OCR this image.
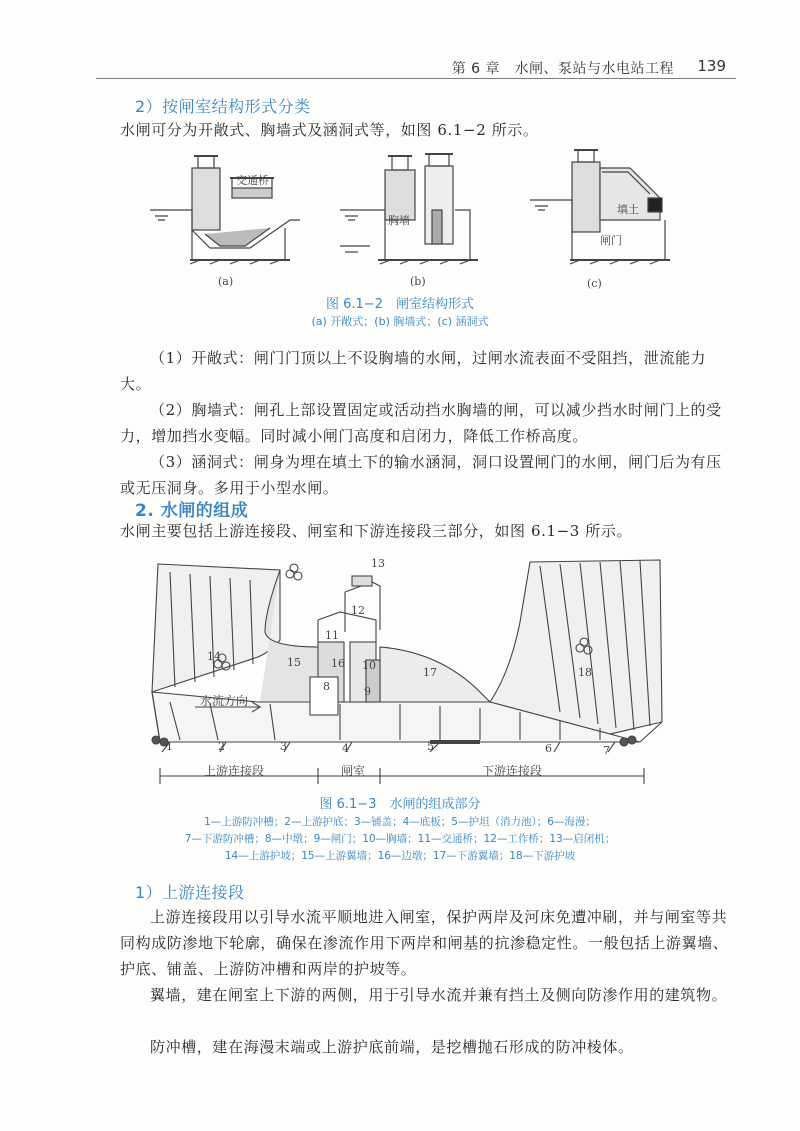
第 6 章　水闸、泵站与水电站工程 139
2）按闸室结构形式分类
水闸可分为开敞式、胸墙式及涵洞式等，如图 6.1−2 所示。
交通桥
胸墙
填土
闸门
(a)	(b)	(c)
图 6.1−2　闸室结构形式
(a) 开敞式；(b) 胸墙式；(c) 涵洞式
（1）开敞式：闸门门顶以上不设胸墙的水闸，过闸水流表面不受阻挡，泄流能力大。
（2）胸墙式：闸孔上部设置固定或活动挡水胸墙的闸，可以减少挡水时闸门上的受力，增加挡水变幅。同时减小闸门高度和启闭力，降低工作桥高度。
（3）涵洞式：闸身为埋在填土下的输水涵洞，洞口设置闸门的水闸，闸门后为有压或无压洞身。多用于小型水闸。
2. 水闸的组成
水闸主要包括上游连接段、闸室和下游连接段三部分，如图 6.1−3 所示。
1	2	3	4	5	6	7
8	9
10
11
12
13
14	15	16
17	18
水流方向
上游连接段	闸室	下游连接段
图 6.1−3　水闸的组成部分
1—上游防冲槽；2—上游护底；3—铺盖；4—底板；5—护坦（消力池）；6—海漫；
7—下游防冲槽；8—中墩；9—闸门；10—胸墙；11—交通桥；12—工作桥；13—启闭机；
14—上游护坡；15—上游翼墙；16—边墩；17—下游翼墙；18—下游护坡
1）上游连接段
上游连接段用以引导水流平顺地进入闸室，保护两岸及河床免遭冲刷，并与闸室等共同构成防渗地下轮廓，确保在渗流作用下两岸和闸基的抗渗稳定性。一般包括上游翼墙、护底、铺盖、上游防冲槽和两岸的护坡等。
翼墙，建在闸室上下游的两侧，用于引导水流并兼有挡土及侧向防渗作用的建筑物。
防冲槽，建在海漫末端或上游护底前端，是挖槽抛石形成的防冲棱体。
